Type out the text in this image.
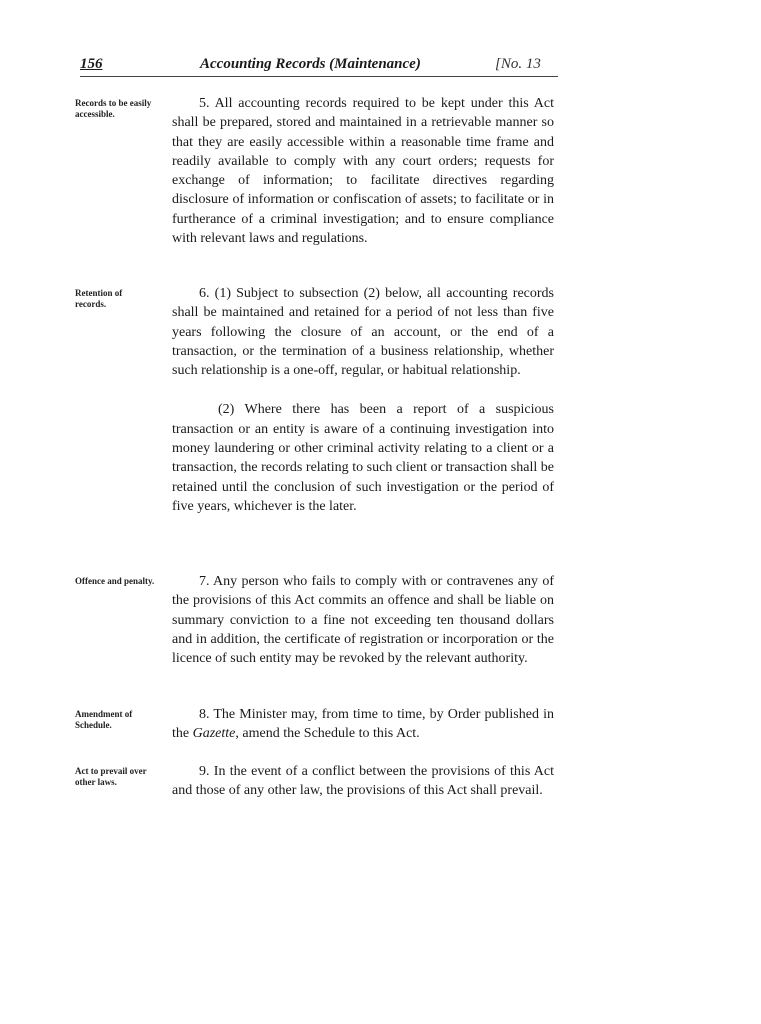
156	Accounting Records (Maintenance)	[No. 13
Records to be easily accessible.

5. All accounting records required to be kept under this Act shall be prepared, stored and maintained in a retrievable manner so that they are easily accessible within a reasonable time frame and readily available to comply with any court orders; requests for exchange of information; to facilitate directives regarding disclosure of information or confiscation of assets; to facilitate or in furtherance of a criminal investigation; and to ensure compliance with relevant laws and regulations.

Retention of records.

6. (1) Subject to subsection (2) below, all accounting records shall be maintained and retained for a period of not less than five years following the closure of an account, or the end of a transaction, or the termination of a business relationship, whether such relationship is a one-off, regular, or habitual relationship.

(2) Where there has been a report of a suspicious transaction or an entity is aware of a continuing investigation into money laundering or other criminal activity relating to a client or a transaction, the records relating to such client or transaction shall be retained until the conclusion of such investigation or the period of five years, whichever is the later.

Offence and penalty.	7. Any person who fails to comply with or contravenes any of the provisions of this Act commits an offence and shall be liable on summary conviction to a fine not exceeding ten thousand dollars and in addition, the certificate of registration or incorporation or the licence of such entity may be revoked by the relevant authority.

Amendment of Schedule.

8. The Minister may, from time to time, by Order published in the Gazette, amend the Schedule to this Act.

Act to prevail over other laws.

9. In the event of a conflict between the provisions of this Act and those of any other law, the provisions of this Act shall prevail.
